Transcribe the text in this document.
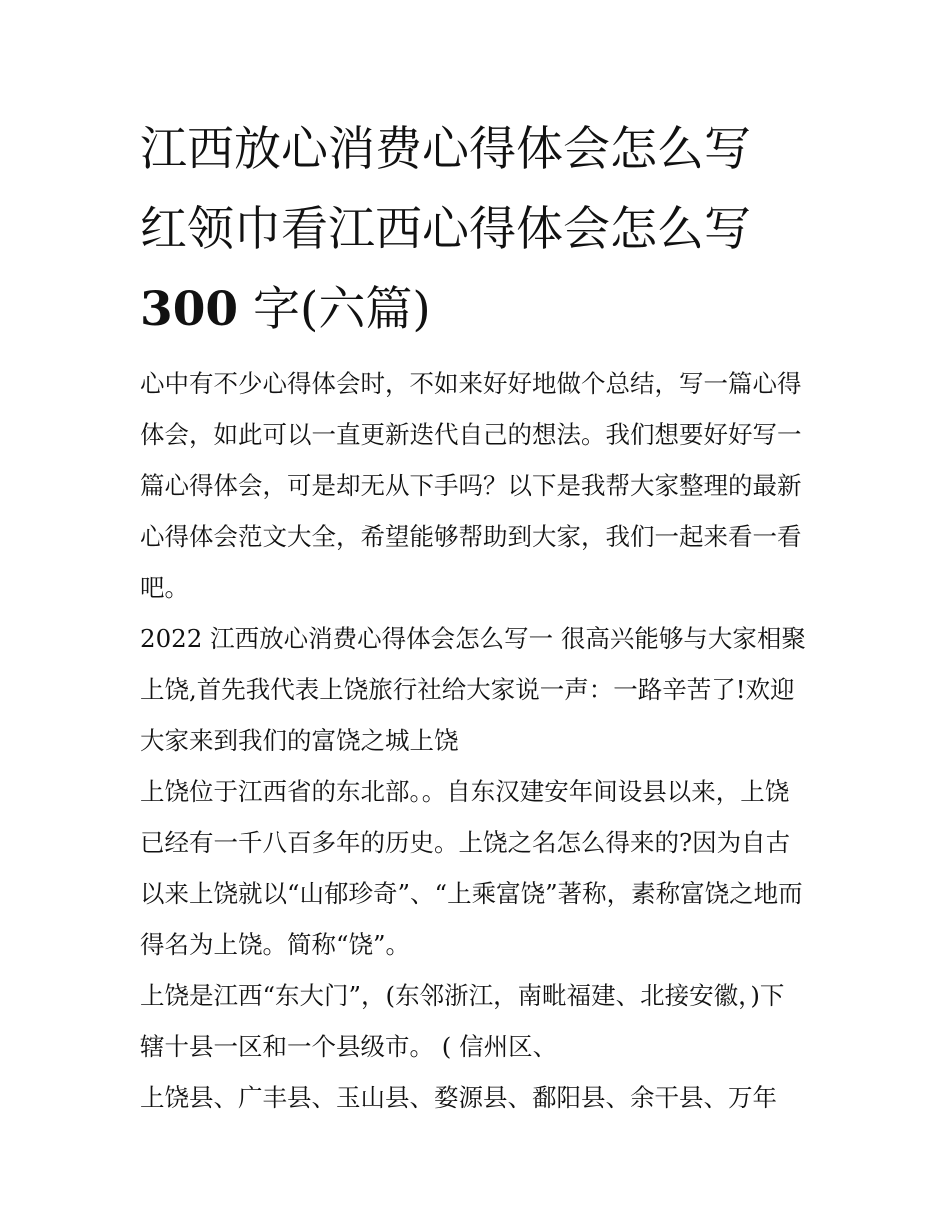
江西放心消费心得体会怎么写
红领巾看江西心得体会怎么写
300 字(六篇)

心中有不少心得体会时，不如来好好地做个总结，写一篇心得
体会，如此可以一直更新迭代自己的想法。我们想要好好写一
篇心得体会，可是却无从下手吗？以下是我帮大家整理的最新
心得体会范文大全，希望能够帮助到大家，我们一起来看一看
吧。

2022 江西放心消费心得体会怎么写一 很高兴能够与大家相聚
上饶,首先我代表上饶旅行社给大家说一声：一路辛苦了!欢迎
大家来到我们的富饶之城上饶

上饶位于江西省的东北部。。自东汉建安年间设县以来，上饶
已经有一千八百多年的历史。上饶之名怎么得来的?因为自古
以来上饶就以“山郁珍奇”、“上乘富饶”著称，素称富饶之地而
得名为上饶。简称“饶”。

上饶是江西“东大门”，(东邻浙江，南毗福建、北接安徽，)下
辖十县一区和一个县级市。 ( 信州区、

上饶县、广丰县、玉山县、婺源县、鄱阳县、余干县、万年
